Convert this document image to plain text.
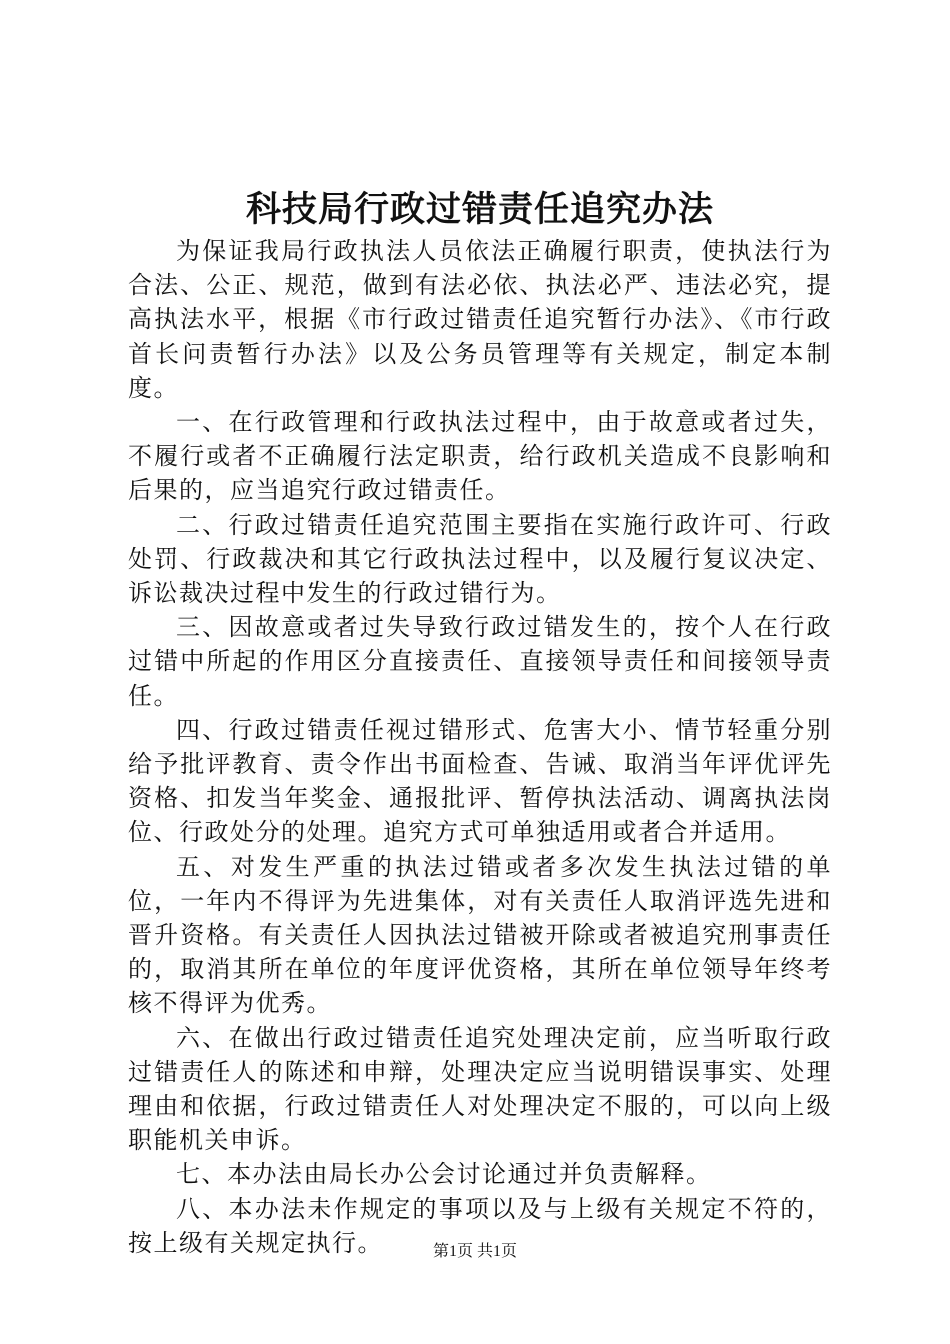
科技局行政过错责任追究办法

为保证我局行政执法人员依法正确履行职责，使执法行为合法、公正、规范，做到有法必依、执法必严、违法必究，提高执法水平，根据《市行政过错责任追究暂行办法》、《市行政首长问责暂行办法》以及公务员管理等有关规定，制定本制度。

一、在行政管理和行政执法过程中，由于故意或者过失，不履行或者不正确履行法定职责，给行政机关造成不良影响和后果的，应当追究行政过错责任。

二、行政过错责任追究范围主要指在实施行政许可、行政处罚、行政裁决和其它行政执法过程中，以及履行复议决定、诉讼裁决过程中发生的行政过错行为。

三、因故意或者过失导致行政过错发生的，按个人在行政过错中所起的作用区分直接责任、直接领导责任和间接领导责任。

四、行政过错责任视过错形式、危害大小、情节轻重分别给予批评教育、责令作出书面检查、告诫、取消当年评优评先资格、扣发当年奖金、通报批评、暂停执法活动、调离执法岗位、行政处分的处理。追究方式可单独适用或者合并适用。

五、对发生严重的执法过错或者多次发生执法过错的单位，一年内不得评为先进集体，对有关责任人取消评选先进和晋升资格。有关责任人因执法过错被开除或者被追究刑事责任的，取消其所在单位的年度评优资格，其所在单位领导年终考核不得评为优秀。

六、在做出行政过错责任追究处理决定前，应当听取行政过错责任人的陈述和申辩，处理决定应当说明错误事实、处理理由和依据，行政过错责任人对处理决定不服的，可以向上级职能机关申诉。

七、本办法由局长办公会讨论通过并负责解释。

八、本办法未作规定的事项以及与上级有关规定不符的，按上级有关规定执行。	第1页 共1页
